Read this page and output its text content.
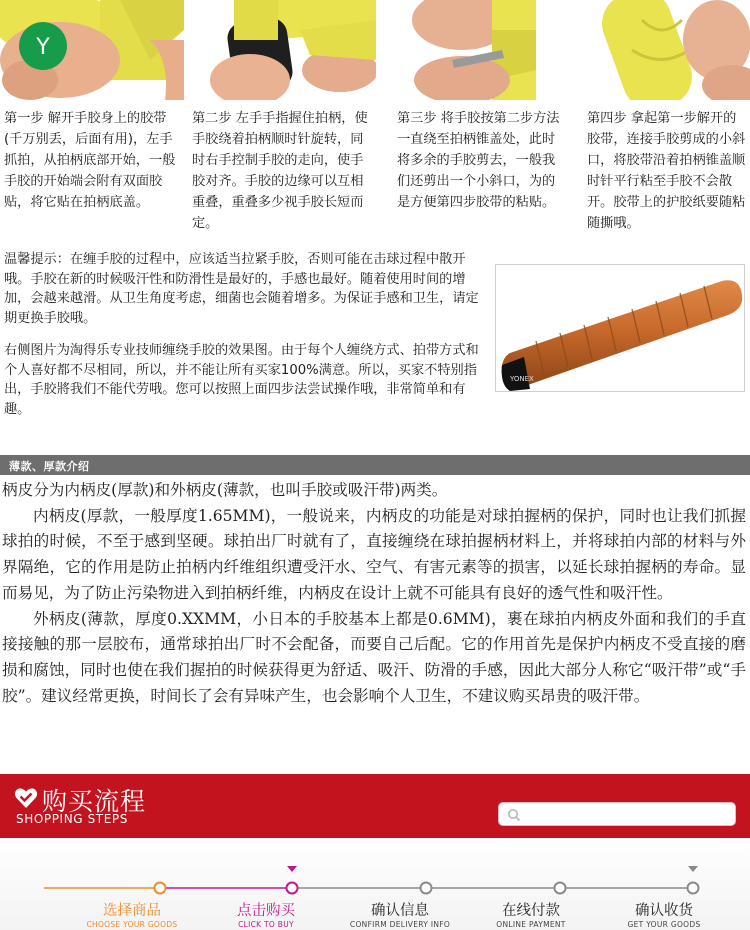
Y
第一步 解开手胶身上的胶带(千万别丢，后面有用)，左手抓拍，从拍柄底部开始，一般手胶的开始端会附有双面胶贴，将它贴在拍柄底盖。
第二步 左手手指握住拍柄，使手胶绕着拍柄顺时针旋转，同时右手控制手胶的走向，使手胶对齐。手胶的边缘可以互相重叠，重叠多少视手胶长短而定。
第三步 将手胶按第二步方法一直绕至拍柄锥盖处，此时将多余的手胶剪去，一般我们还剪出一个小斜口，为的是方便第四步胶带的粘贴。
第四步 拿起第一步解开的胶带，连接手胶剪成的小斜口，将胶带沿着拍柄锥盖顺时针平行粘至手胶不会散开。胶带上的护胶纸要随粘随撕哦。
温馨提示：在缠手胶的过程中，应该适当拉紧手胶，否则可能在击球过程中散开哦。手胶在新的时候吸汗性和防滑性是最好的，手感也最好。随着使用时间的增加，会越来越滑。从卫生角度考虑，细菌也会随着增多。为保证手感和卫生，请定期更换手胶哦。
右侧图片为淘得乐专业技师缠绕手胶的效果图。由于每个人缠绕方式、拍带方式和个人喜好都不尽相同，所以，并不能让所有买家100%满意。所以，买家不特别指出，手胶將我们不能代劳哦。您可以按照上面四步法尝试操作哦，非常简单和有趣。
YONEX
薄款、厚款介绍

柄皮分为内柄皮(厚款)和外柄皮(薄款，也叫手胶或吸汗带)两类。

内柄皮(厚款，一般厚度1.65MM)，一般说来，内柄皮的功能是对球拍握柄的保护，同时也让我们抓握球拍的时候，不至于感到坚硬。球拍出厂时就有了，直接缠绕在球拍握柄材料上，并将球拍内部的材料与外界隔绝，它的作用是防止拍柄内纤维组织遭受汗水、空气、有害元素等的损害，以延长球拍握柄的寿命。显而易见，为了防止污染物进入到拍柄纤维，内柄皮在设计上就不可能具有良好的透气性和吸汗性。

外柄皮(薄款，厚度0.XXMM，小日本的手胶基本上都是0.6MM)，裹在球拍内柄皮外面和我们的手直接接触的那一层胶布，通常球拍出厂时不会配备，而要自己后配。它的作用首先是保护内柄皮不受直接的磨损和腐蚀，同时也使在我们握拍的时候获得更为舒适、吸汗、防滑的手感，因此大部分人称它“吸汗带”或“手胶”。建议经常更换，时间长了会有异味产生，也会影响个人卫生，不建议购买昂贵的吸汗带。

购买流程
SHOPPING STEPS
选择商品
CHOOSE YOUR GOODS
点击购买
CLICK TO BUY
确认信息
CONFIRM DELIVERY INFO
在线付款
ONLINE PAYMENT
确认收货
GET YOUR GOODS
